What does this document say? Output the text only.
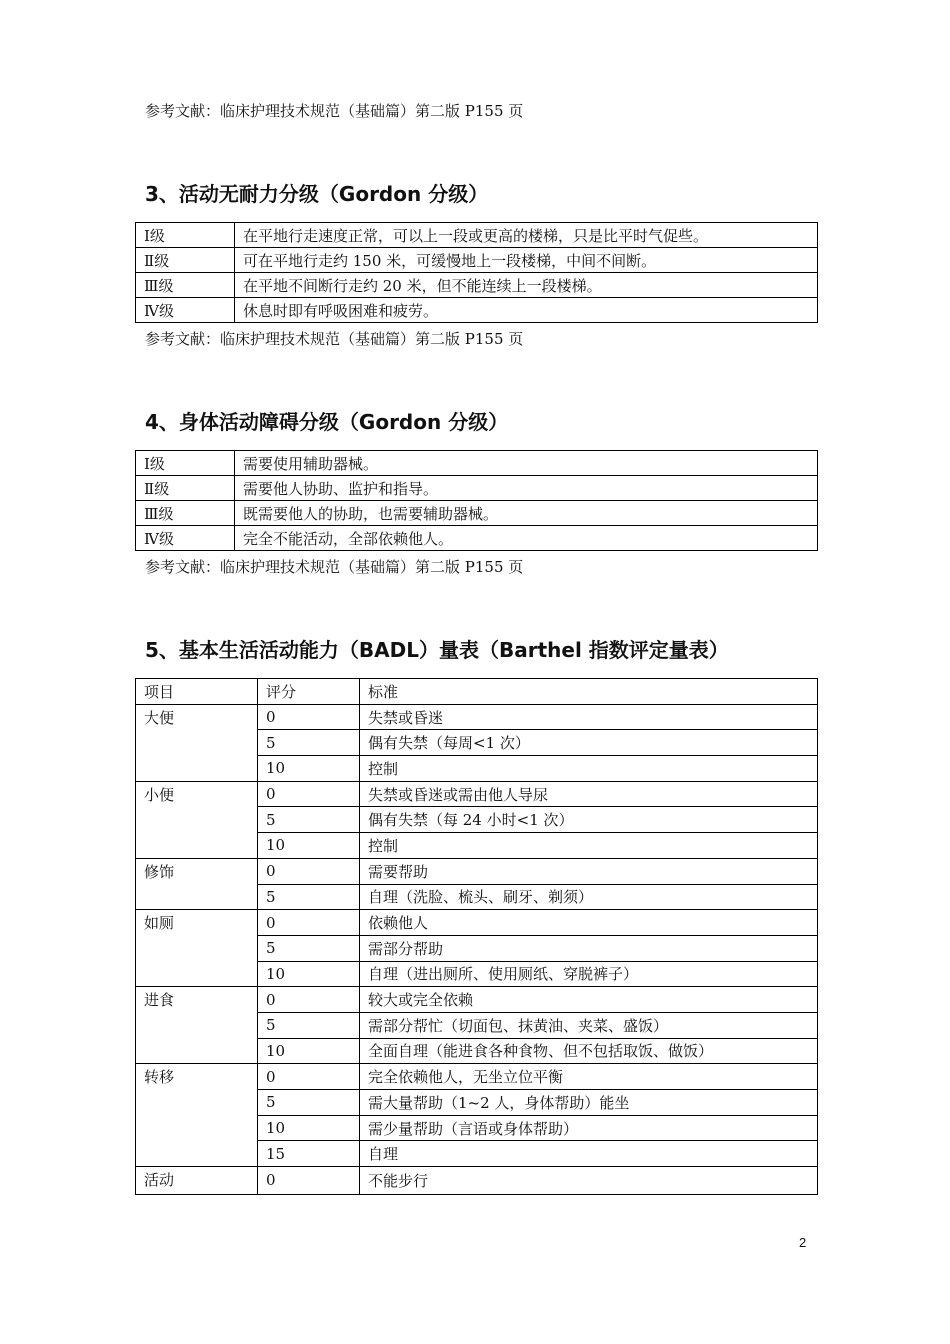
参考文献：临床护理技术规范（基础篇）第二版 P155 页
3、活动无耐力分级（Gordon 分级）
Ⅰ级	在平地行走速度正常，可以上一段或更高的楼梯，只是比平时气促些。
Ⅱ级	可在平地行走约 150 米，可缓慢地上一段楼梯，中间不间断。
Ⅲ级	在平地不间断行走约 20 米，但不能连续上一段楼梯。
Ⅳ级	休息时即有呼吸困难和疲劳。
参考文献：临床护理技术规范（基础篇）第二版 P155 页
4、身体活动障碍分级（Gordon 分级）
Ⅰ级	需要使用辅助器械。
Ⅱ级	需要他人协助、监护和指导。
Ⅲ级	既需要他人的协助，也需要辅助器械。
Ⅳ级	完全不能活动，全部依赖他人。
参考文献：临床护理技术规范（基础篇）第二版 P155 页
5、基本生活活动能力（BADL）量表（Barthel 指数评定量表）
项目	评分	标准
大便	0	失禁或昏迷
	5	偶有失禁（每周<1 次）
	10	控制
小便	0	失禁或昏迷或需由他人导尿
	5	偶有失禁（每 24 小时<1 次）
	10	控制
修饰	0	需要帮助
	5	自理（洗脸、梳头、刷牙、剃须）
如厕	0	依赖他人
	5	需部分帮助
	10	自理（进出厕所、使用厕纸、穿脱裤子）
进食	0	较大或完全依赖
	5	需部分帮忙（切面包、抹黄油、夹菜、盛饭）
	10	全面自理（能进食各种食物、但不包括取饭、做饭）
转移	0	完全依赖他人，无坐立位平衡
	5	需大量帮助（1~2 人，身体帮助）能坐
	10	需少量帮助（言语或身体帮助）
	15	自理
活动	0	不能步行
2
